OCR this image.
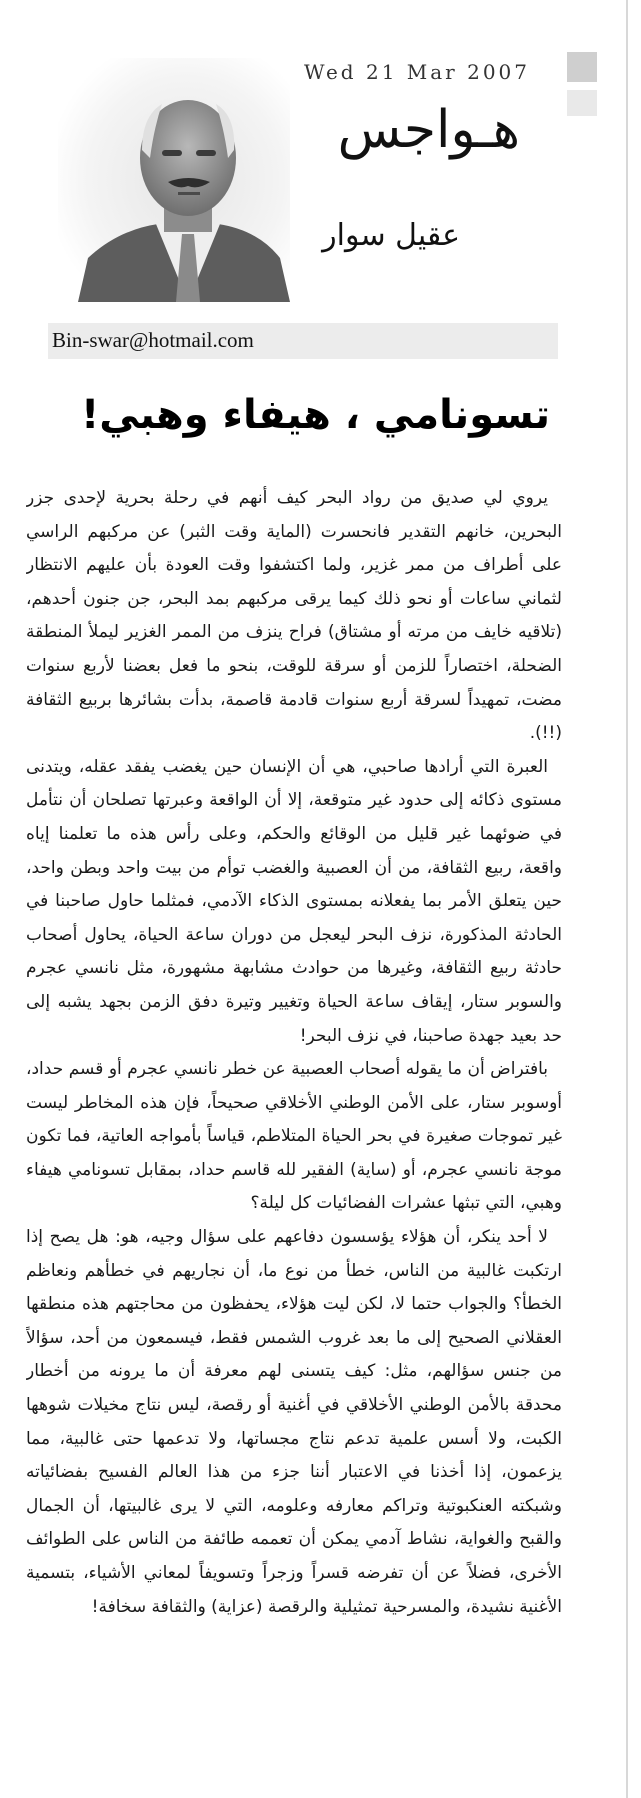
Wed 21 Mar 2007
هـواجس
عقيل سوار
Bin-swar@hotmail.com
تسونامي ، هيفاء وهبي!

يروي لي صديق من رواد البحر كيف أنهم في رحلة بحرية لإحدى جزر البحرين، خانهم التقدير فانحسرت (الماية وقت الثبر) عن مركبهم الراسي على أطراف من ممر غزير، ولما اكتشفوا وقت العودة بأن عليهم الانتظار لثماني ساعات أو نحو ذلك كيما يرقى مركبهم بمد البحر، جن جنون أحدهم، (تلاقيه خايف من مرته أو مشتاق) فراح ينزف من الممر الغزير ليملأ المنطقة الضحلة، اختصاراً للزمن أو سرقة للوقت، بنحو ما فعل بعضنا لأربع سنوات مضت، تمهيداً لسرقة أربع سنوات قادمة قاصمة، بدأت بشائرها بربيع الثقافة (!!).

العبرة التي أرادها صاحبي، هي أن الإنسان حين يغضب يفقد عقله، ويتدنى مستوى ذكائه إلى حدود غير متوقعة، إلا أن الواقعة وعبرتها تصلحان أن نتأمل في ضوئهما غير قليل من الوقائع والحكم، وعلى رأس هذه ما تعلمنا إياه واقعة، ربيع الثقافة، من أن العصبية والغضب توأم من بيت واحد وبطن واحد، حين يتعلق الأمر بما يفعلانه بمستوى الذكاء الآدمي، فمثلما حاول صاحبنا في الحادثة المذكورة، نزف البحر ليعجل من دوران ساعة الحياة، يحاول أصحاب حادثة ربيع الثقافة، وغيرها من حوادث مشابهة مشهورة، مثل نانسي عجرم والسوبر ستار، إيقاف ساعة الحياة وتغيير وتيرة دفق الزمن بجهد يشبه إلى حد بعيد جهدة صاحبنا، في نزف البحر!

بافتراض أن ما يقوله أصحاب العصبية عن خطر نانسي عجرم أو قسم حداد، أوسوبر ستار، على الأمن الوطني الأخلاقي صحيحاً، فإن هذه المخاطر ليست غير تموجات صغيرة في بحر الحياة المتلاطم، قياساً بأمواجه العاتية، فما تكون موجة نانسي عجرم، أو (ساية) الفقير لله قاسم حداد، بمقابل تسونامي هيفاء وهبي، التي تبثها عشرات الفضائيات كل ليلة؟

لا أحد ينكر، أن هؤلاء يؤسسون دفاعهم على سؤال وجيه، هو: هل يصح إذا ارتكبت غالبية من الناس، خطأ من نوع ما، أن نجاريهم في خطأهم ونعاظم الخطأ؟ والجواب حتما لا، لكن ليت هؤلاء، يحفظون من محاجتهم هذه منطقها العقلاني الصحيح إلى ما بعد غروب الشمس فقط، فيسمعون من أحد، سؤالاً من جنس سؤالهم، مثل: كيف يتسنى لهم معرفة أن ما يرونه من أخطار محدقة بالأمن الوطني الأخلاقي في أغنية أو رقصة، ليس نتاج مخيلات شوهها الكبت، ولا أسس علمية تدعم نتاج مجساتها، ولا تدعمها حتى غالبية، مما يزعمون، إذا أخذنا في الاعتبار أننا جزء من هذا العالم الفسيح بفضائياته وشبكته العنكبوتية وتراكم معارفه وعلومه، التي لا يرى غالبيتها، أن الجمال والقبح والغواية، نشاط آدمي يمكن أن تعممه طائفة من الناس على الطوائف الأخرى، فضلاً عن أن تفرضه قسراً وزجراً وتسويفاً لمعاني الأشياء، بتسمية الأغنية نشيدة، والمسرحية تمثيلية والرقصة (عزاية) والثقافة سخافة!
